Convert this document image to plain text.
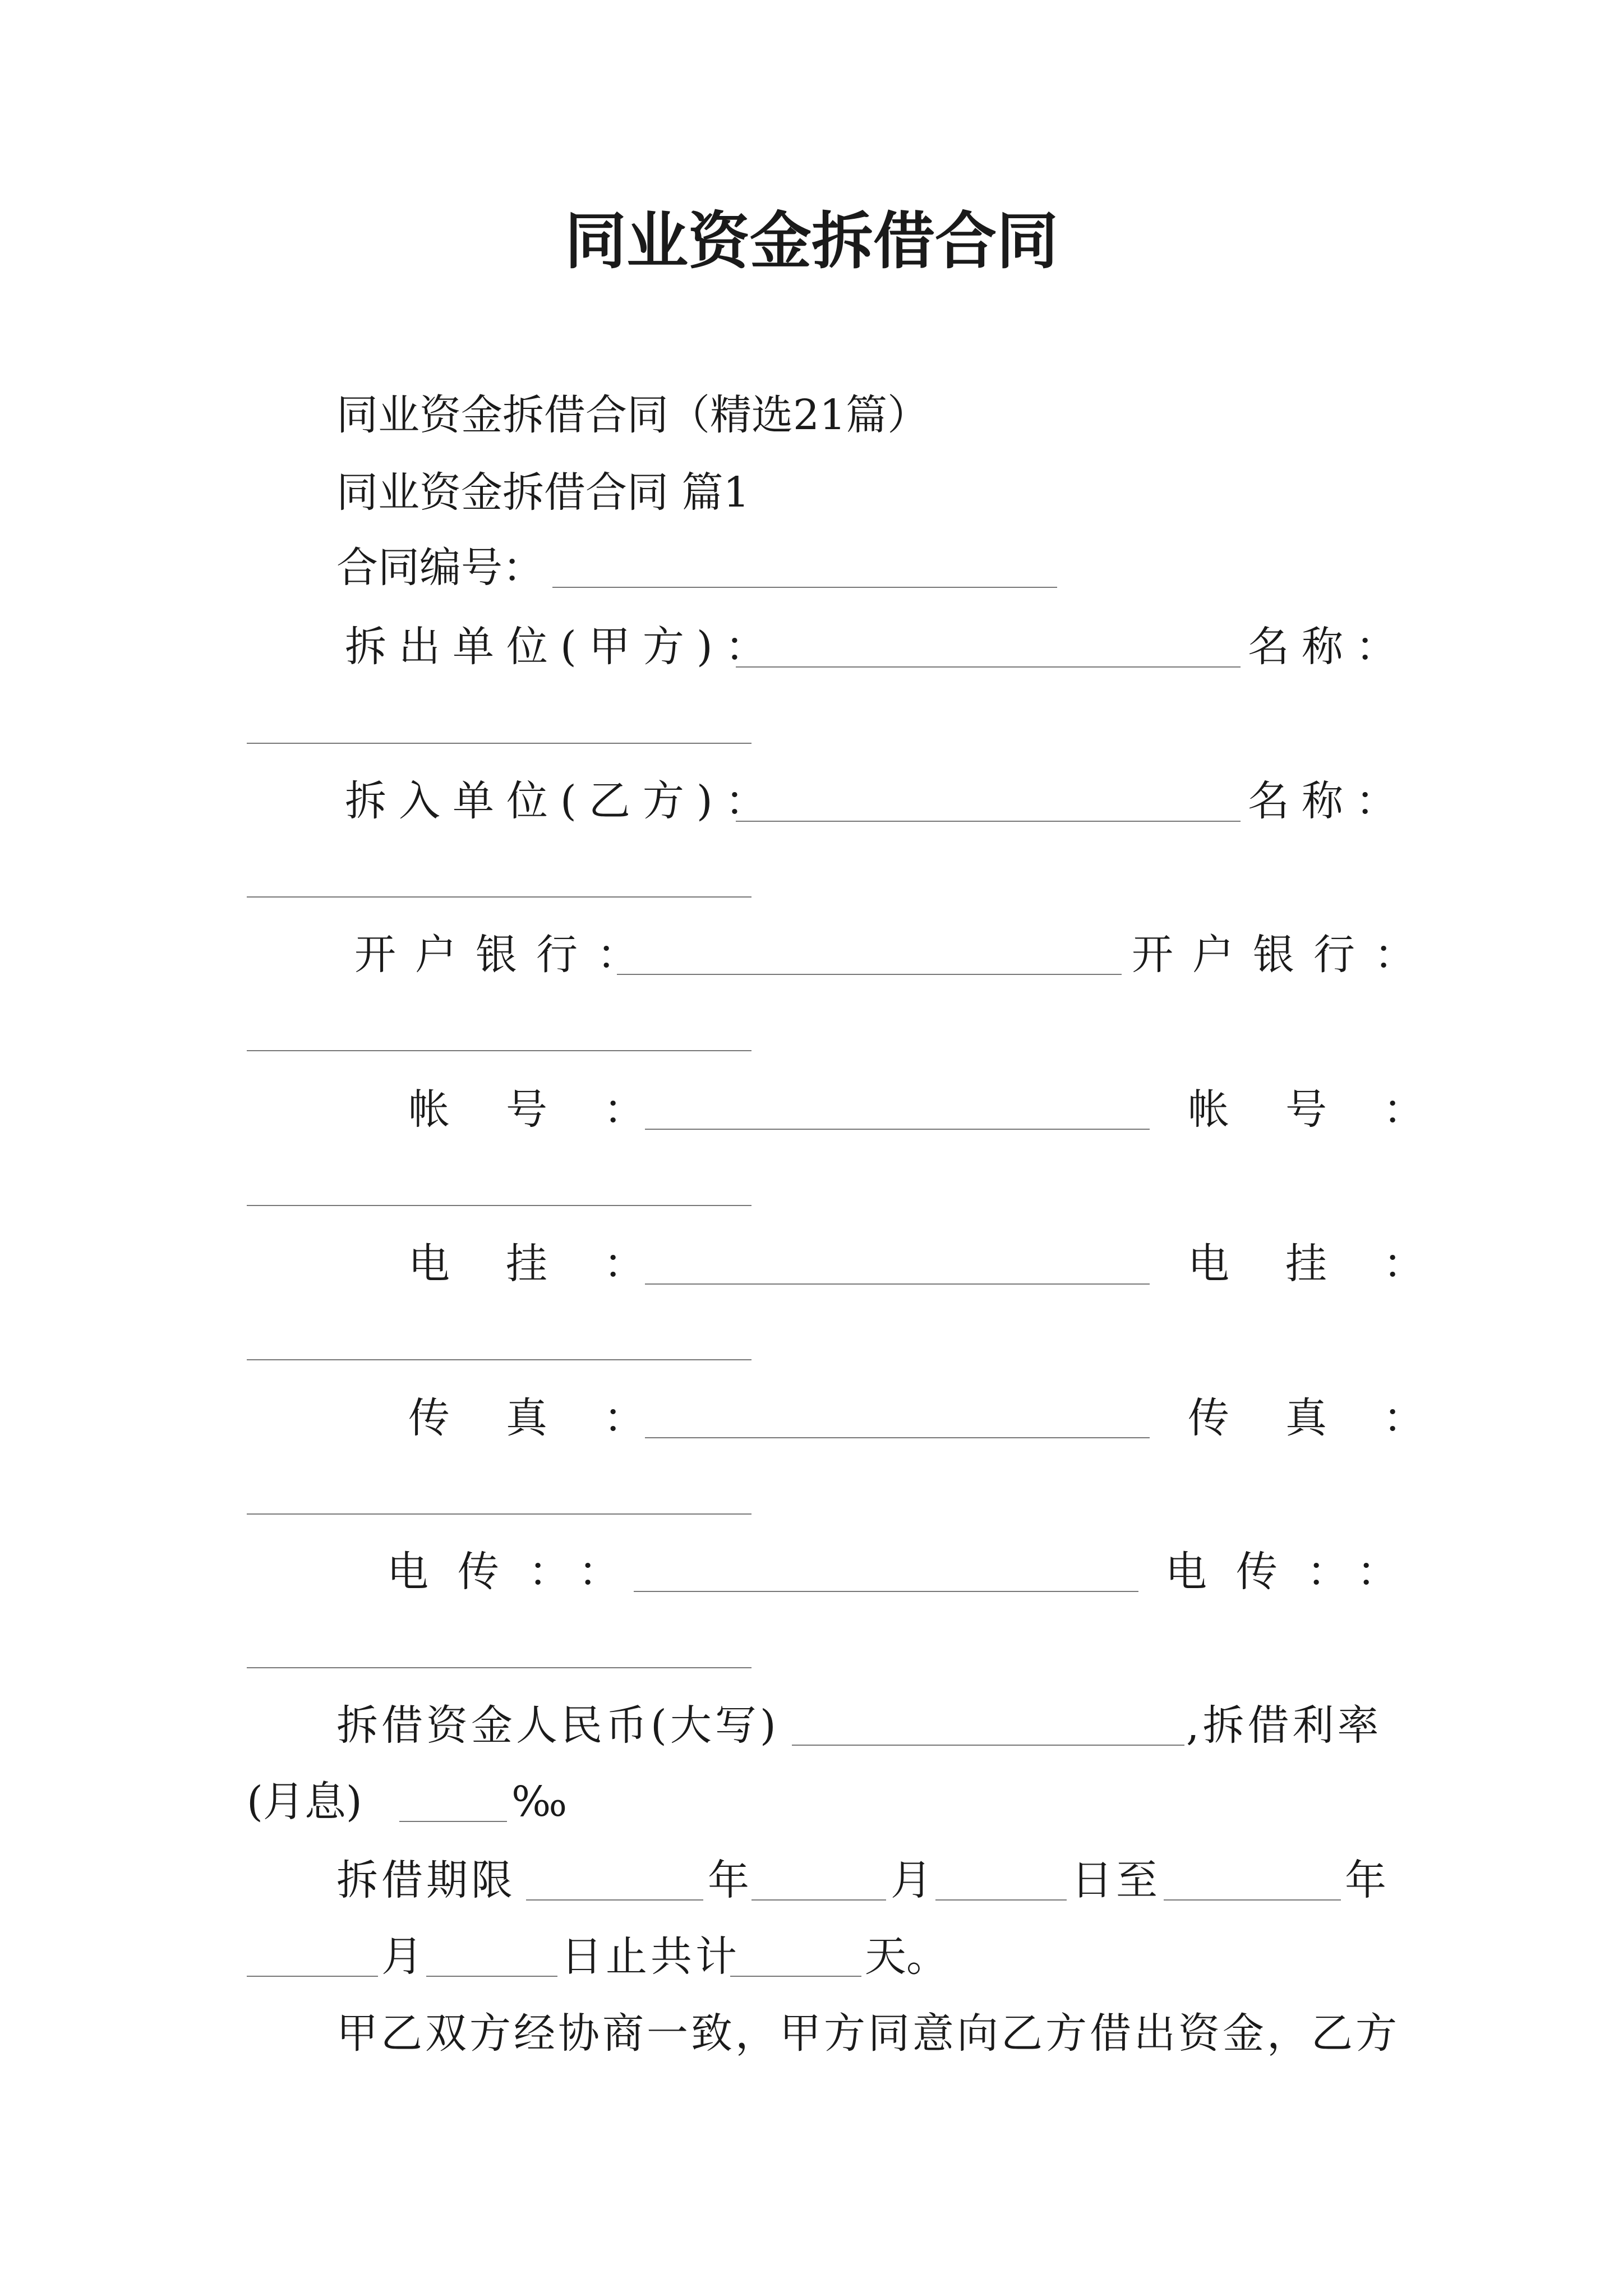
同业资金拆借合同
同业资金拆借合同（精选21篇）
同业资金拆借合同 篇1
合同编号：
拆出单位(甲方)：	名称：
拆入单位(乙方)：	名称：
开户银行：	开户银行：
帐号：	帐号：
电挂：	电挂：
传真：	传真：
电传：：	电传：：
拆借资金人民币(大写)	,拆借利率
(月息)	‰
拆借期限	年	月	日至	年
月	日止共计	天。
甲乙双方经协商一致，甲方同意向乙方借出资金，乙方
